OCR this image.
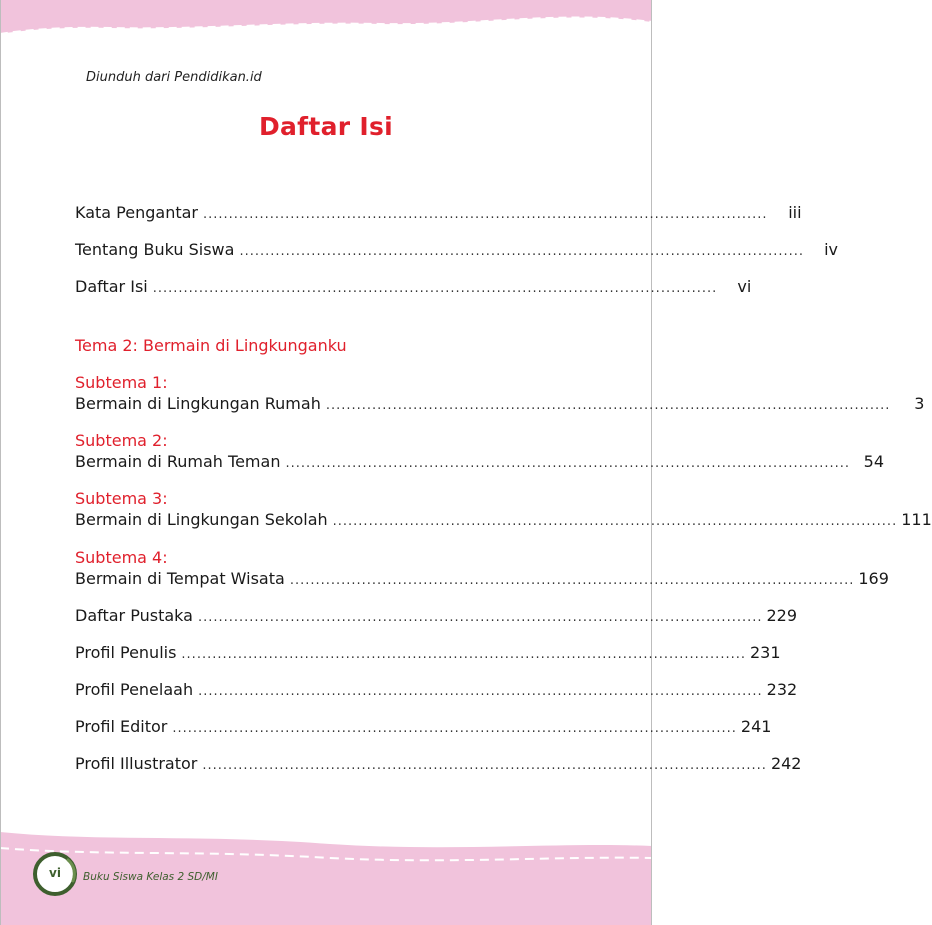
Diunduh dari Pendidikan.id
Daftar Isi
Kata Pengantar ..............................................................................................................	iii
Tentang Buku Siswa ..............................................................................................................	iv
Daftar Isi ..............................................................................................................	vi
Tema 2: Bermain di Lingkunganku
Subtema 1:
Bermain di Lingkungan Rumah ..............................................................................................................	3
Subtema 2:
Bermain di Rumah Teman .............................................................................................................. 54
Subtema 3:
Bermain di Lingkungan Sekolah .............................................................................................................. 111
Subtema 4:
Bermain di Tempat Wisata .............................................................................................................. 169
Daftar Pustaka .............................................................................................................. 229
Profil Penulis .............................................................................................................. 231
Profil Penelaah .............................................................................................................. 232
Profil Editor .............................................................................................................. 241
Profil Illustrator .............................................................................................................. 242
vi	Buku Siswa Kelas 2 SD/MI
